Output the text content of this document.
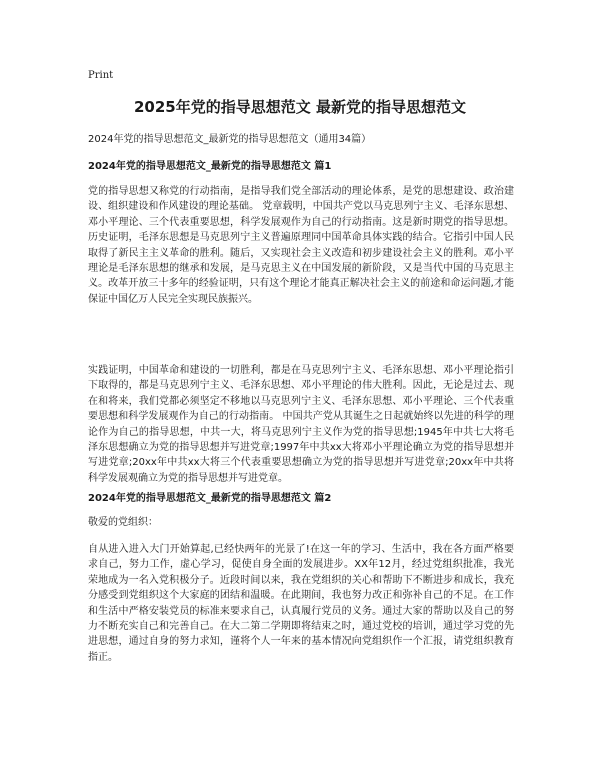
Print
2025年党的指导思想范文 最新党的指导思想范文

2024年党的指导思想范文_最新党的指导思想范文（通用34篇）

2024年党的指导思想范文_最新党的指导思想范文 篇1

党的指导思想又称党的行动指南，是指导我们党全部活动的理论体系，是党的思想建设、政治建设、组织建设和作风建设的理论基础。 党章载明，中国共产党以马克思列宁主义、毛泽东思想、邓小平理论、三个代表重要思想，科学发展观作为自己的行动指南。这是新时期党的指导思想。 历史证明，毛泽东思想是马克思列宁主义普遍原理同中国革命具体实践的结合。它指引中国人民取得了新民主主义革命的胜利。随后，又实现社会主义改造和初步建设社会主义的胜利。邓小平理论是毛泽东思想的继承和发展，是马克思主义在中国发展的新阶段，又是当代中国的马克思主义。改革开放三十多年的经验证明，只有这个理论才能真正解决社会主义的前途和命运问题,才能保证中国亿万人民完全实现民族振兴。

实践证明，中国革命和建设的一切胜利，都是在马克思列宁主义、毛泽东思想、邓小平理论指引下取得的，都是马克思列宁主义、毛泽东思想、邓小平理论的伟大胜利。因此，无论是过去、现在和将来，我们党都必须坚定不移地以马克思列宁主义、毛泽东思想、邓小平理论、三个代表重要思想和科学发展观作为自己的行动指南。 中国共产党从其诞生之日起就始终以先进的科学的理论作为自己的指导思想，中共一大，将马克思列宁主义作为党的指导思想;1945年中共七大将毛泽东思想确立为党的指导思想并写进党章;1997年中共xx大将邓小平理论确立为党的指导思想并写进党章;20xx年中共xx大将三个代表重要思想确立为党的指导思想并写进党章;20xx年中共将科学发展观确立为党的指导思想并写进党章。

2024年党的指导思想范文_最新党的指导思想范文 篇2

敬爱的党组织：

自从进入进入大门开始算起,已经快两年的光景了!在这一年的学习、生活中，我在各方面严格要求自己，努力工作，虚心学习，促使自身全面的发展进步。XX年12月，经过党组织批准，我光荣地成为一名入党积极分子。近段时间以来，我在党组织的关心和帮助下不断进步和成长，我充分感受到党组织这个大家庭的团结和温暖。在此期间，我也努力改正和弥补自己的不足。在工作和生活中严格安装党员的标准来要求自己，认真履行党员的义务。通过大家的帮助以及自己的努力不断充实自己和完善自己。在大二第二学期即将结束之时，通过党校的培训，通过学习党的先进思想，通过自身的努力求知，谨将个人一年来的基本情况向党组织作一个汇报，请党组织教育指正。
